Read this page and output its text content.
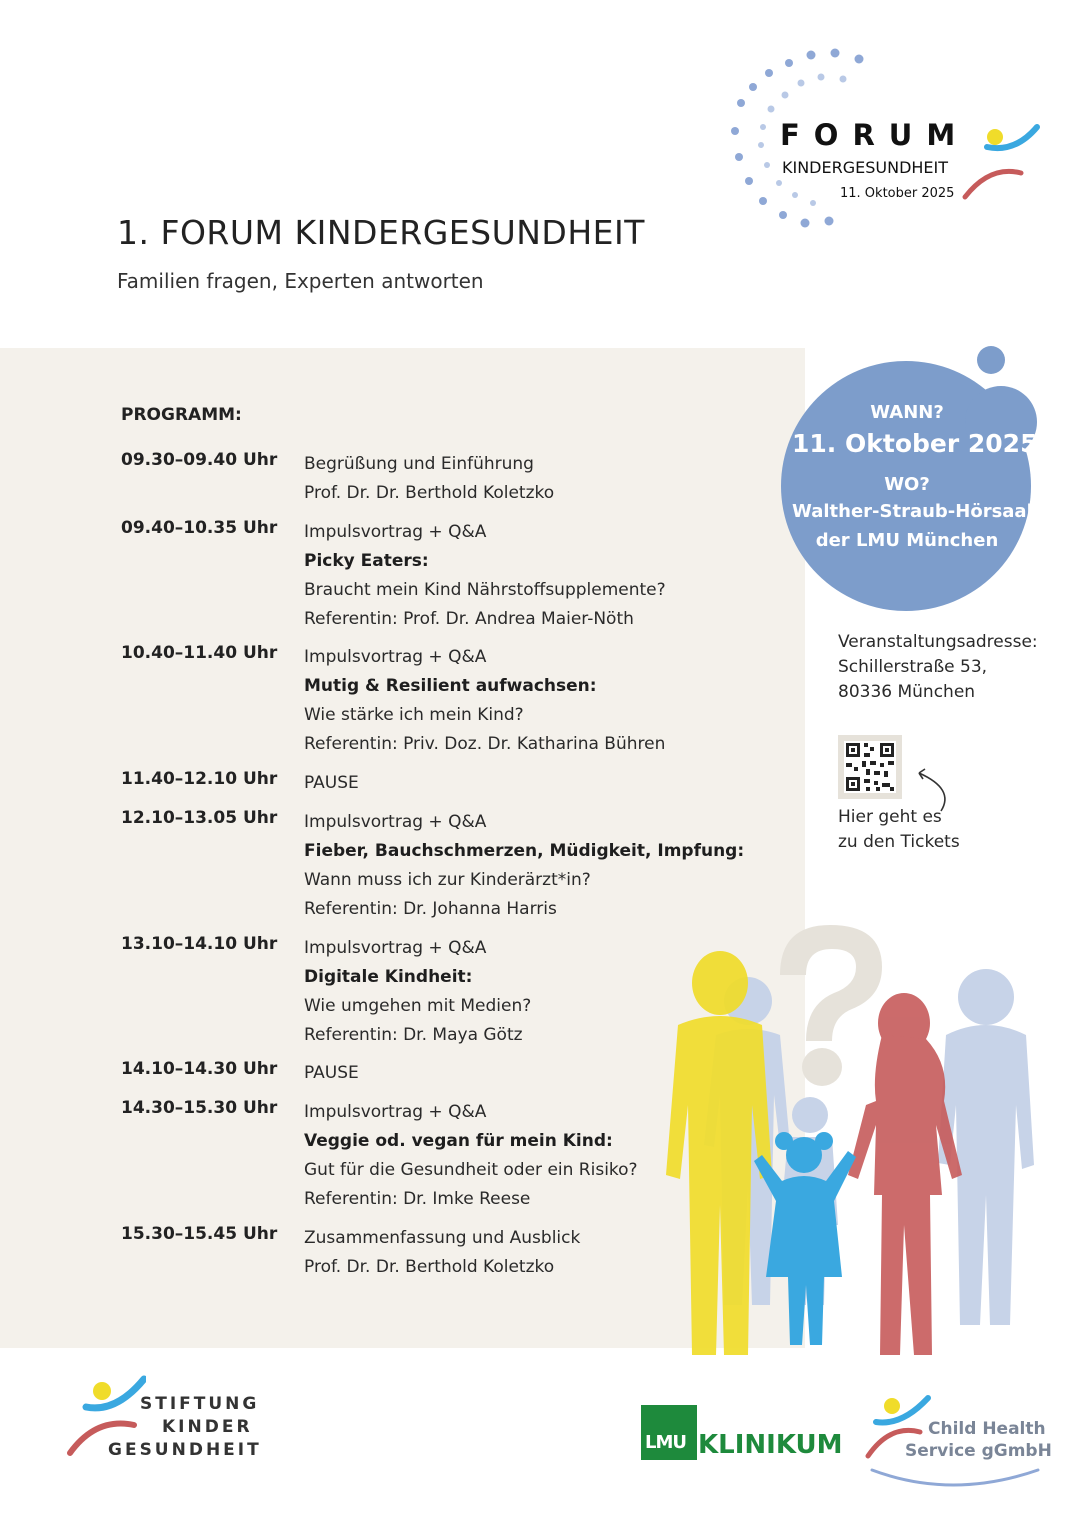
1. FORUM KINDERGESUNDHEIT
Familien fragen, Experten antworten
FORUM
KINDERGESUNDHEIT
11. Oktober 2025
PROGRAMM:
09.30–09.40 Uhr Begrüßung und Einführung
Prof. Dr. Dr. Berthold Koletzko
09.40–10.35 Uhr Impulsvortrag + Q&A
Picky Eaters:
Braucht mein Kind Nährstoffsupplemente?
Referentin: Prof. Dr. Andrea Maier-Nöth
10.40–11.40 Uhr Impulsvortrag + Q&A
Mutig & Resilient aufwachsen:
Wie stärke ich mein Kind?
Referentin: Priv. Doz. Dr. Katharina Bühren
11.40–12.10 Uhr PAUSE
12.10–13.05 Uhr Impulsvortrag + Q&A
Fieber, Bauchschmerzen, Müdigkeit, Impfung:
Wann muss ich zur Kinderärzt*in?
Referentin: Dr. Johanna Harris
13.10–14.10 Uhr Impulsvortrag + Q&A
Digitale Kindheit:
Wie umgehen mit Medien?
Referentin: Dr. Maya Götz
14.10–14.30 Uhr PAUSE
14.30–15.30 Uhr Impulsvortrag + Q&A
Veggie od. vegan für mein Kind:
Gut für die Gesundheit oder ein Risiko?
Referentin: Dr. Imke Reese
15.30–15.45 Uhr Zusammenfassung und Ausblick
Prof. Dr. Dr. Berthold Koletzko
WANN?
11. Oktober 2025
WO?
Walther-Straub-Hörsaal
der LMU München
Veranstaltungsadresse:
Schillerstraße 53,
80336 München
Hier geht es
zu den Tickets
STIFTUNG
KINDER
GESUNDHEIT	LMU KLINIKUM
Child Health
Service gGmbH
